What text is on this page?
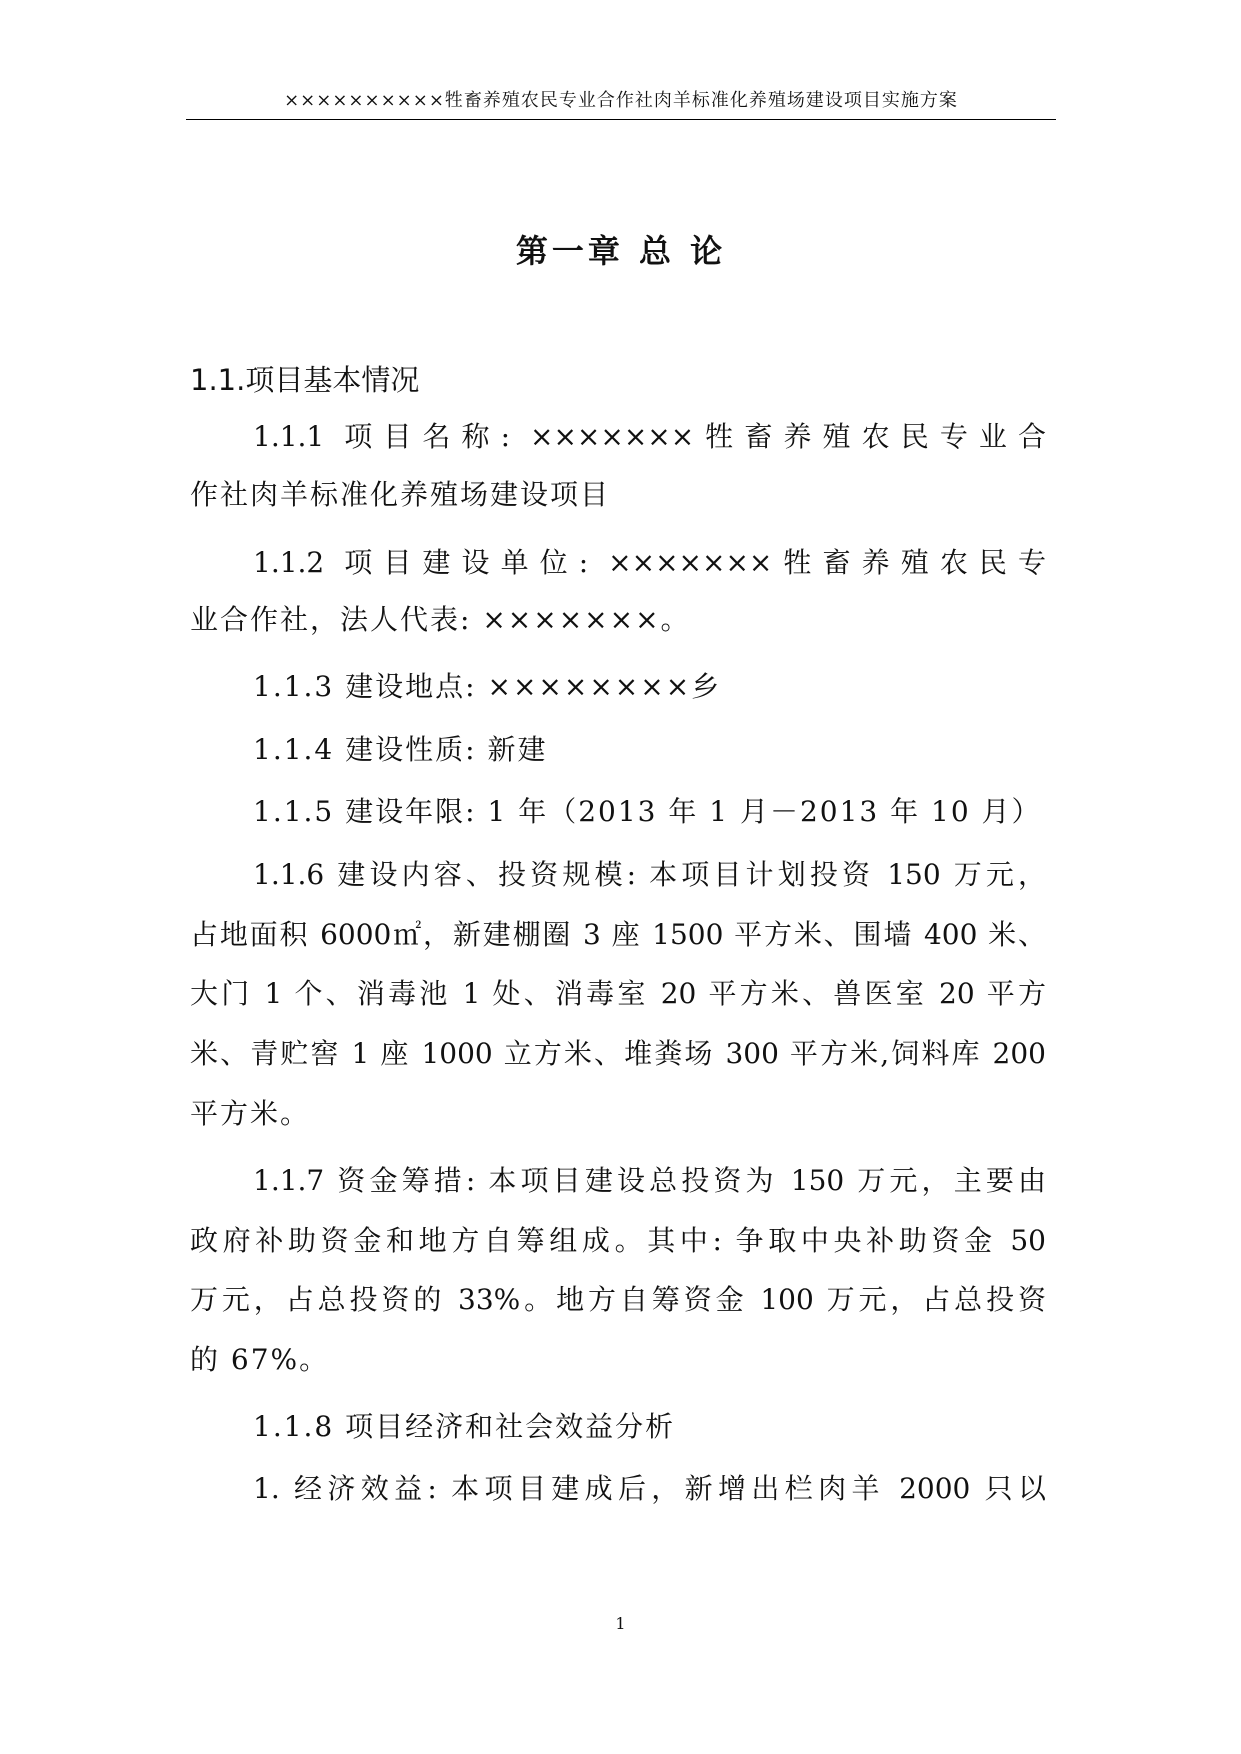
××××××××××牲畜养殖农民专业合作社肉羊标准化养殖场建设项目实施方案
第一章 总 论
1.1.项目基本情况
1.1.1 项目名称: ×××××××牲畜养殖农民专业合
作社肉羊标准化养殖场建设项目
1.1.2 项目建设单位: ×××××××牲畜养殖农民专
业合作社，法人代表: ×××××××。
1.1.3 建设地点: ××××××××乡
1.1.4 建设性质: 新建
1.1.5 建设年限: 1 年（2013 年 1 月－2013 年 10 月）
1.1.6 建设内容、投资规模: 本项目计划投资 150 万元，
占地面积 6000㎡，新建棚圈 3 座 1500 平方米、围墙 400 米、
大门 1 个、消毒池 1 处、消毒室 20 平方米、兽医室 20 平方
米、青贮窖 1 座 1000 立方米、堆粪场 300 平方米,饲料库 200
平方米。
1.1.7 资金筹措: 本项目建设总投资为 150 万元，主要由
政府补助资金和地方自筹组成。其中: 争取中央补助资金 50
万元，占总投资的 33%。地方自筹资金 100 万元，占总投资
的 67%。
1.1.8 项目经济和社会效益分析
1. 经济效益: 本项目建成后，新增出栏肉羊 2000 只以
1
